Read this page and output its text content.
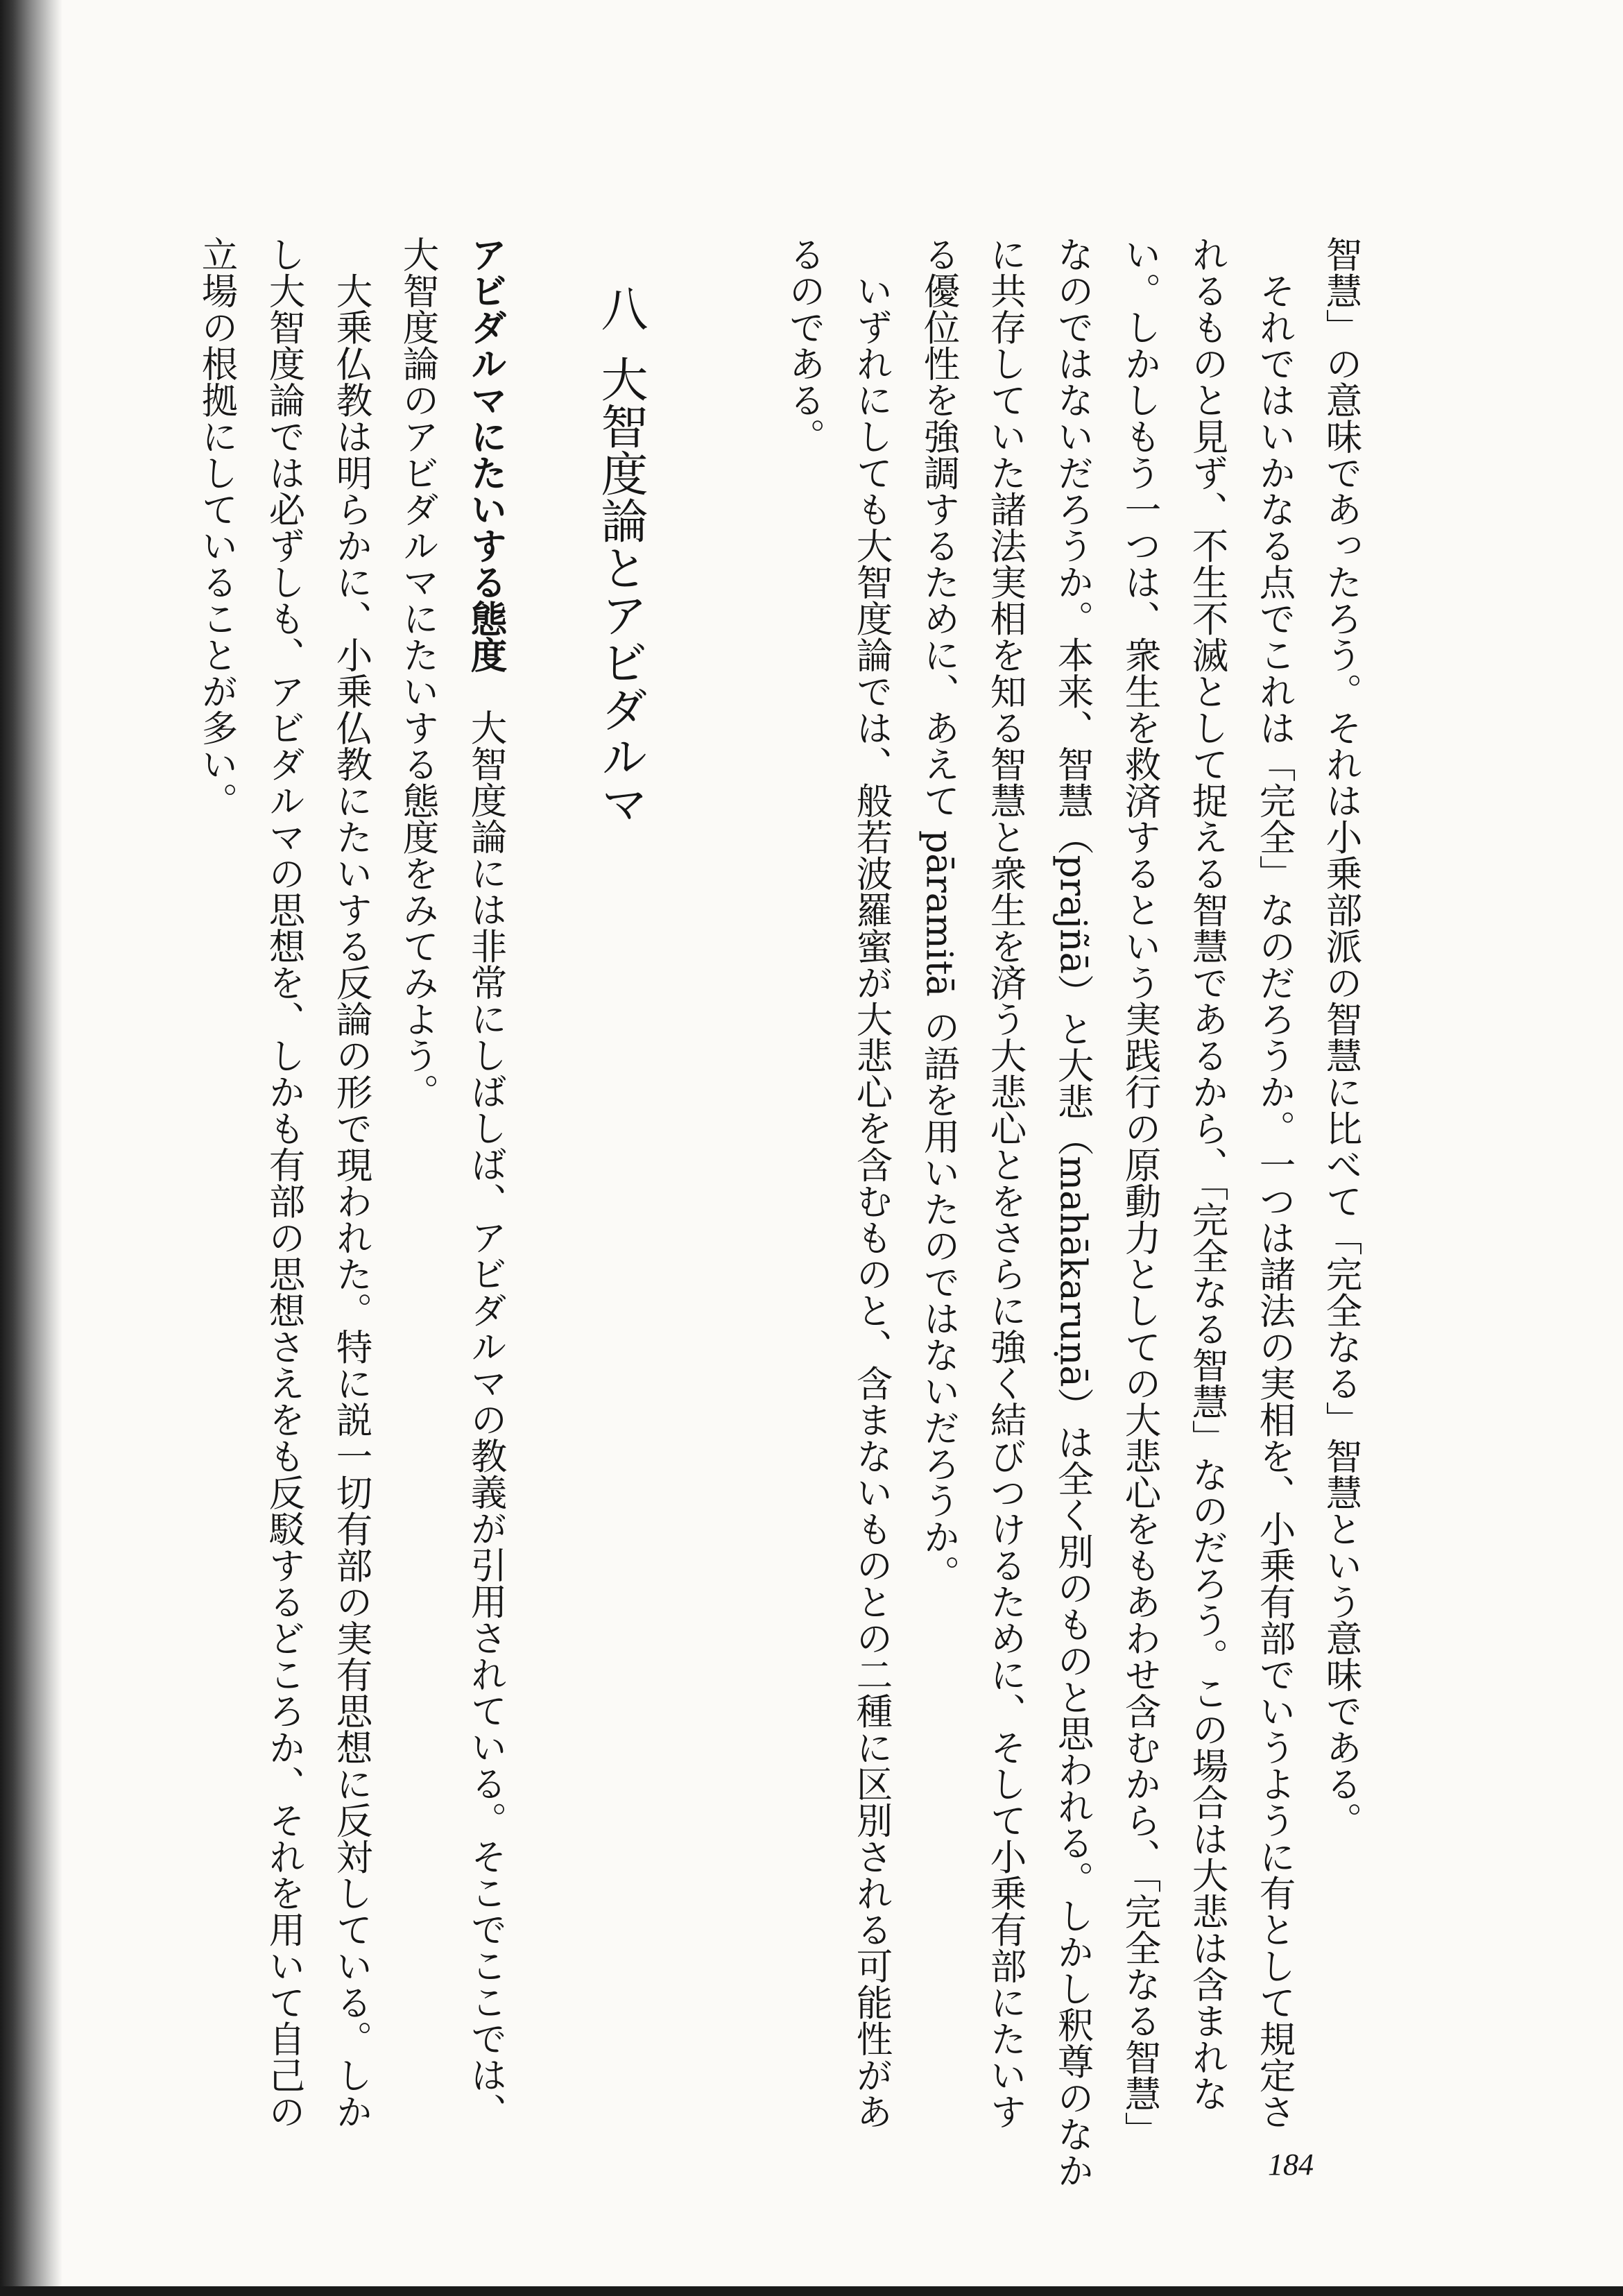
智慧」の意味であったろう。それは小乗部派の智慧に比べて「完全なる」智慧という意味である。
　それではいかなる点でこれは「完全」なのだろうか。一つは諸法の実相を、小乗有部でいうように有として規定さ
れるものと見ず、不生不滅として捉える智慧であるから、「完全なる智慧」なのだろう。この場合は大悲は含まれな
い。しかしもう一つは、衆生を救済するという実践行の原動力としての大悲心をもあわせ含むから、「完全なる智慧」
なのではないだろうか。本来、智慧（prajñā）と大悲（mahākaruṇā）は全く別のものと思われる。しかし釈尊のなか
に共存していた諸法実相を知る智慧と衆生を済う大悲心とをさらに強く結びつけるために、そして小乗有部にたいす
る優位性を強調するために、あえて pāramitā の語を用いたのではないだろうか。
　いずれにしても大智度論では、般若波羅蜜が大悲心を含むものと、含まないものとの二種に区別される可能性があ
るのである。
八大智度論とアビダルマ
アビダルマにたいする態度大智度論には非常にしばしば、アビダルマの教義が引用されている。そこでここでは、
大智度論のアビダルマにたいする態度をみてみよう。
　大乗仏教は明らかに、小乗仏教にたいする反論の形で現われた。特に説一切有部の実有思想に反対している。しか
し大智度論では必ずしも、アビダルマの思想を、しかも有部の思想さえをも反駁するどころか、それを用いて自己の
立場の根拠にしていることが多い。
184
